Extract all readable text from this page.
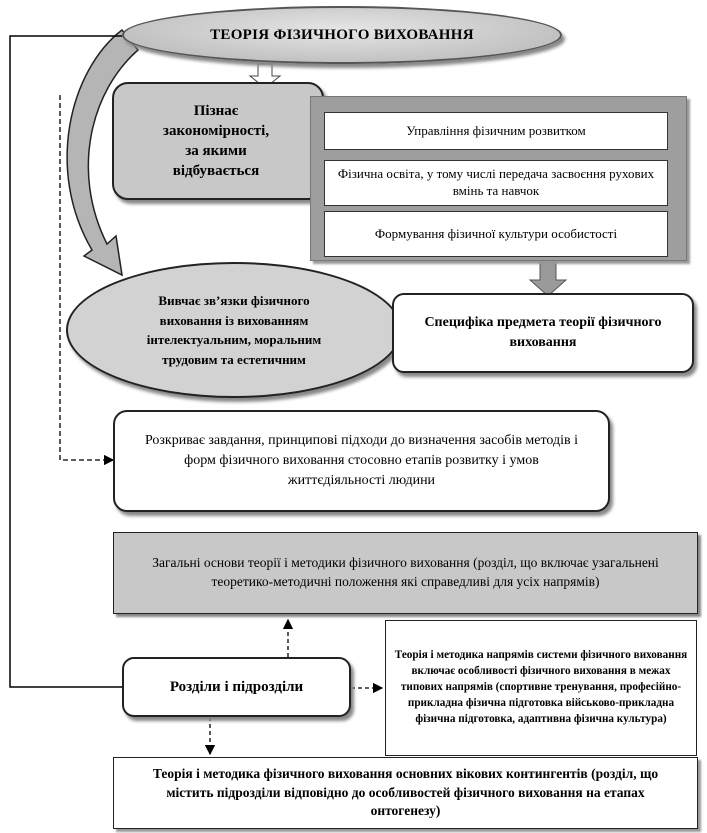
ТЕОРІЯ ФІЗИЧНОГО ВИХОВАННЯ
Пізнає закономірності, за якими відбувається
Управління фізичним розвитком
Фізична освіта, у тому числі передача засвоєння рухових вмінь та навчок
Формування фізичної культури особистості
Вивчає зв’язки фізичного виховання із вихованням інтелектуальним, моральним трудовим та естетичним
Специфіка предмета теорії фізичного виховання
Розкриває завдання, принципові підходи до визначення засобів методів і форм фізичного виховання стосовно етапів розвитку і умов життєдіяльності людини
Загальні основи теорії і методики фізичного виховання (розділ, що включає узагальнені теоретико-методичні положення які справедливі для усіх напрямів)
Розділи і підрозділи
Теорія і методика напрямів системи фізичного виховання включає особливості фізичного виховання в межах типових напрямів (спортивне тренування, професійно-прикладна фізична підготовка військово-прикладна фізична підготовка, адаптивна фізична культура)
Теорія і методика фізичного виховання основних вікових контингентів (розділ, що містить підрозділи відповідно до особливостей фізичного виховання на етапах онтогенезу)
